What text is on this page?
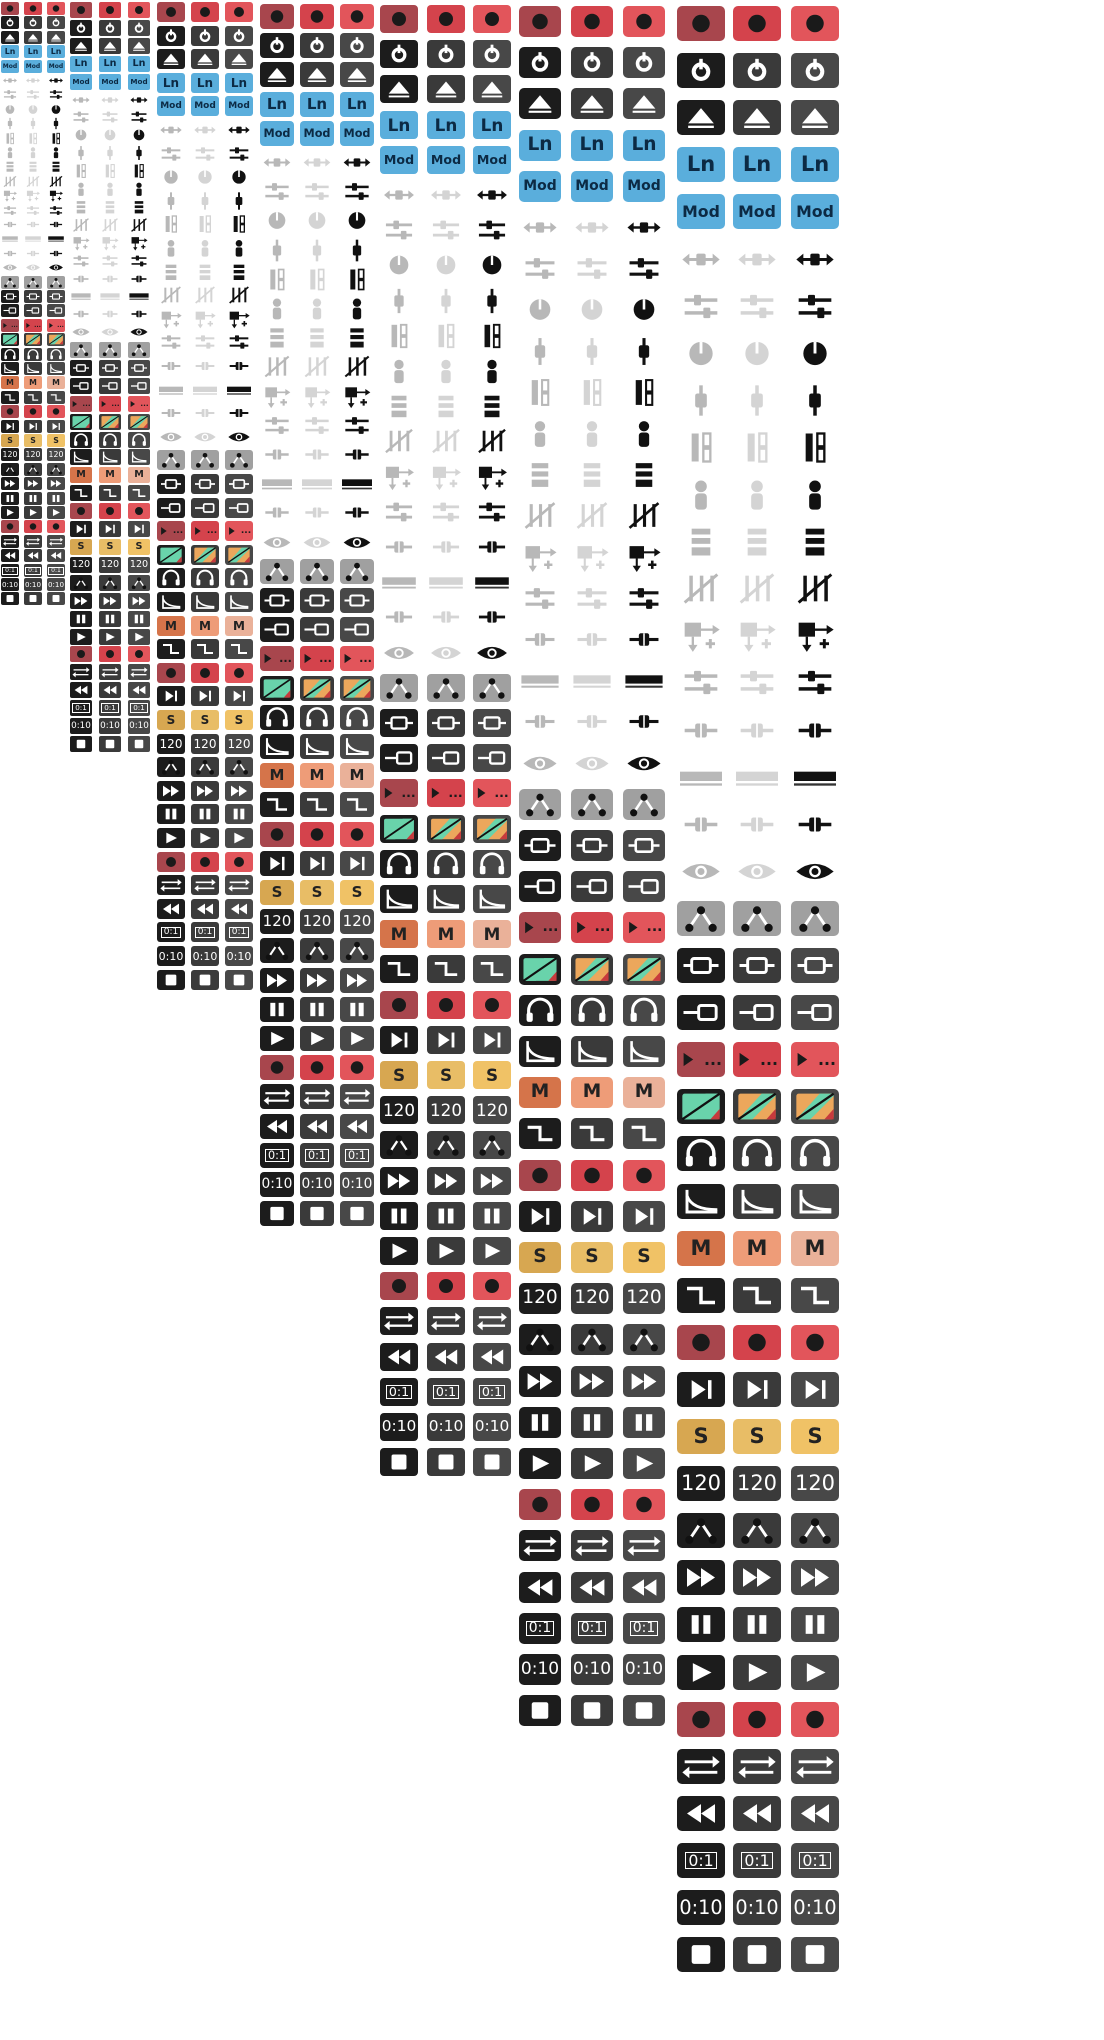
Ln Ln Ln
Mod Mod Mod
...	...	...
M M M
S S S
120 120 120
0:1	0:1	0:1
0:10 0:10 0:10
Ln Ln Ln
Mod Mod Mod
...	...	...
M M M
S S S
120 120 120
0:1	0:1	0:1
0:10 0:10 0:10
Ln Ln Ln
Mod Mod Mod
...	...	...
M M M
S S S
120 120 120
0:1	0:1	0:1
0:10 0:10 0:10
Ln Ln Ln
Mod Mod Mod
... ... ...
M M M
S S S
120 120 120
0:1 0:1 0:1
0:10 0:10 0:10
Ln Ln Ln
Mod Mod Mod
...	...	...
M M M
S S S
120 120 120
0:1 0:1 0:1
0:10 0:10 0:10
Ln Ln Ln
Mod Mod Mod
...	...	...
M M M
S S S
120 120 120
0:1 0:1 0:1
0:10 0:10 0:10
Ln Ln Ln
Mod Mod Mod
... ...	...
M M M
S S S
120 120 120
0:1 0:1 0:1
0:10 0:10 0:10
